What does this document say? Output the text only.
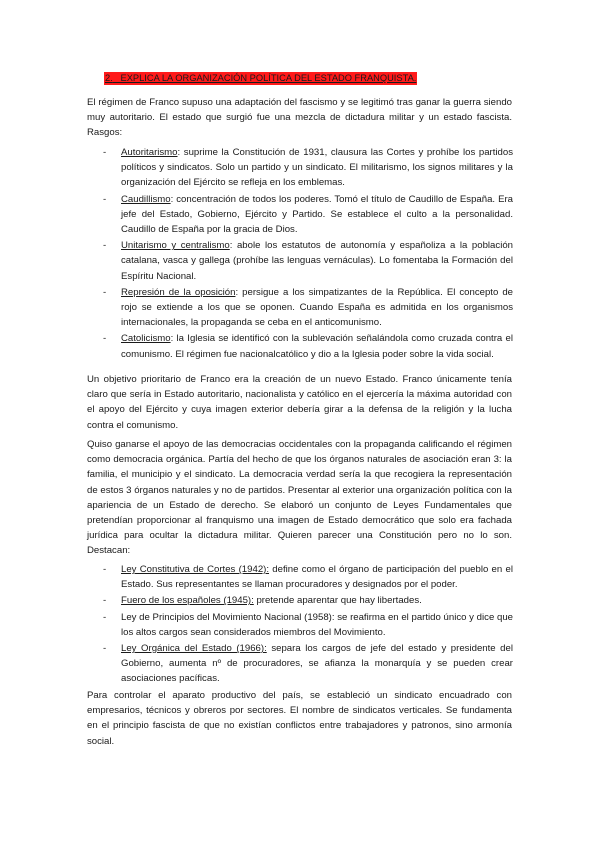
2. EXPLICA LA ORGANIZACIÓN POLÍTICA DEL ESTADO FRANQUISTA.

El régimen de Franco supuso una adaptación del fascismo y se legitimó tras ganar la guerra siendo muy autoritario. El estado que surgió fue una mezcla de dictadura militar y un estado fascista. Rasgos:

- Autoritarismo: suprime la Constitución de 1931, clausura las Cortes y prohíbe los partidos políticos y sindicatos. Solo un partido y un sindicato. El militarismo, los signos militares y la organización del Ejército se refleja en los emblemas.
- Caudillismo: concentración de todos los poderes. Tomó el título de Caudillo de España. Era jefe del Estado, Gobierno, Ejército y Partido. Se establece el culto a la personalidad. Caudillo de España por la gracia de Dios.
- Unitarismo y centralismo: abole los estatutos de autonomía y españoliza a la población catalana, vasca y gallega (prohíbe las lenguas vernáculas). Lo fomentaba la Formación del Espíritu Nacional.
- Represión de la oposición: persigue a los simpatizantes de la República. El concepto de rojo se extiende a los que se oponen. Cuando España es admitida en los organismos internacionales, la propaganda se ceba en el anticomunismo.
- Catolicismo: la Iglesia se identificó con la sublevación señalándola como cruzada contra el comunismo. El régimen fue nacionalcatólico y dio a la Iglesia poder sobre la vida social.

Un objetivo prioritario de Franco era la creación de un nuevo Estado. Franco únicamente tenía claro que sería in Estado autoritario, nacionalista y católico en el ejercería la máxima autoridad con el apoyo del Ejército y cuya imagen exterior debería girar a la defensa de la religión y la lucha contra el comunismo.

Quiso ganarse el apoyo de las democracias occidentales con la propaganda calificando el régimen como democracia orgánica. Partía del hecho de que los órganos naturales de asociación eran 3: la familia, el municipio y el sindicato. La democracia verdad sería la que recogiera la representación de estos 3 órganos naturales y no de partidos. Presentar al exterior una organización política con la apariencia de un Estado de derecho. Se elaboró un conjunto de Leyes Fundamentales que pretendían proporcionar al franquismo una imagen de Estado democrático que solo era fachada jurídica para ocultar la dictadura militar. Quieren parecer una Constitución pero no lo son. Destacan:

- Ley Constitutiva de Cortes (1942): define como el órgano de participación del pueblo en el Estado. Sus representantes se llaman procuradores y designados por el poder.
- Fuero de los españoles (1945): pretende aparentar que hay libertades.
- Ley de Principios del Movimiento Nacional (1958): se reafirma en el partido único y dice que los altos cargos sean considerados miembros del Movimiento.
- Ley Orgánica del Estado (1966): separa los cargos de jefe del estado y presidente del Gobierno, aumenta nº de procuradores, se afianza la monarquía y se pueden crear asociaciones pacíficas.

Para controlar el aparato productivo del país, se estableció un sindicato encuadrado con empresarios, técnicos y obreros por sectores. El nombre de sindicatos verticales. Se fundamenta en el principio fascista de que no existían conflictos entre trabajadores y patronos, sino armonía social.
